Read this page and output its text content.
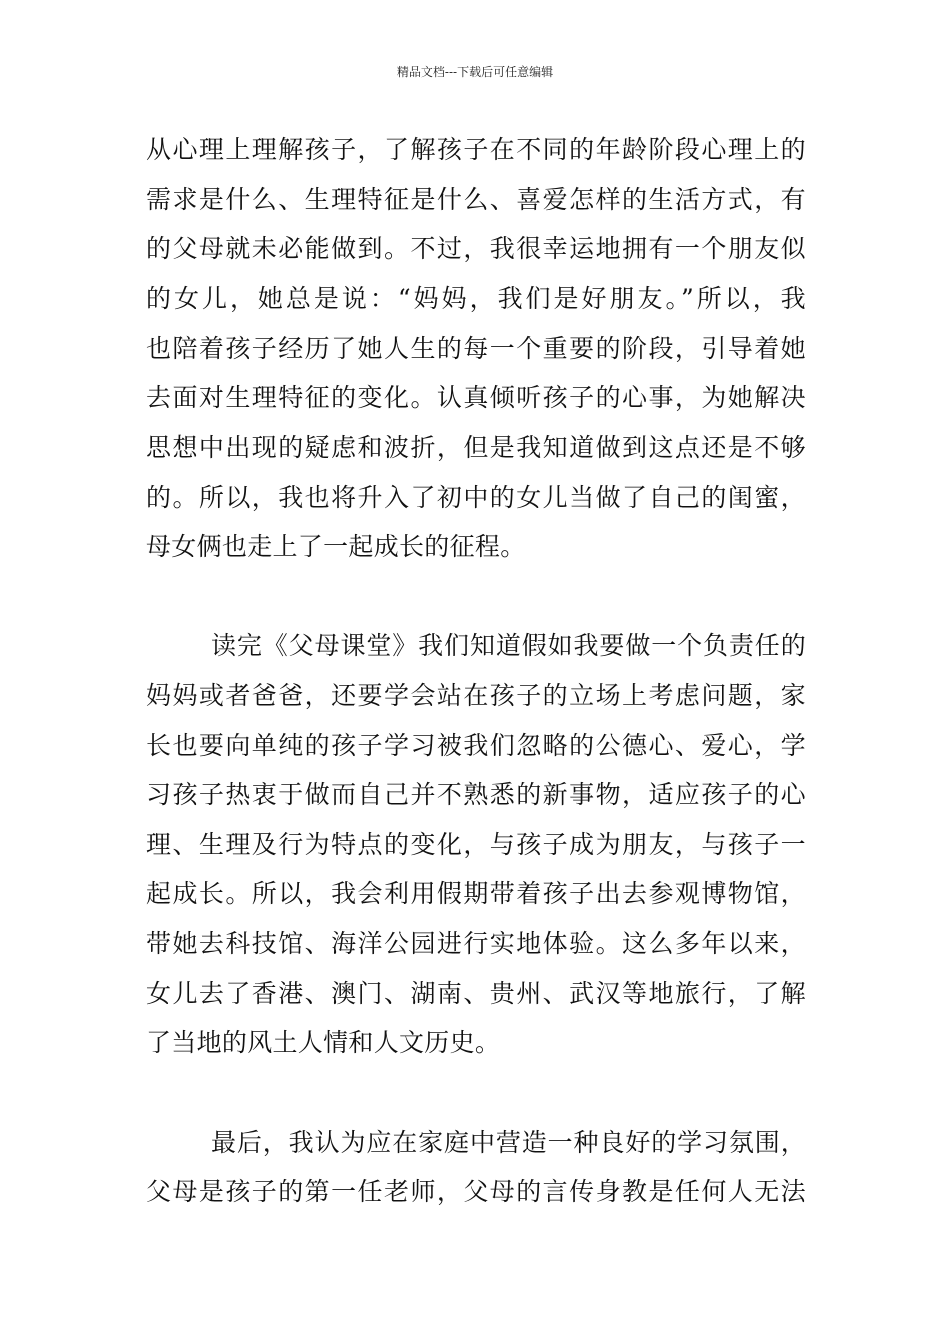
精品文档---下载后可任意编辑
从心理上理解孩子，了解孩子在不同的年龄阶段心理上的
需求是什么、生理特征是什么、喜爱怎样的生活方式，有
的父母就未必能做到。不过，我很幸运地拥有一个朋友似
的女儿，她总是说：“妈妈，我们是好朋友。”所以，我
也陪着孩子经历了她人生的每一个重要的阶段，引导着她
去面对生理特征的变化。认真倾听孩子的心事，为她解决
思想中出现的疑虑和波折，但是我知道做到这点还是不够
的。所以，我也将升入了初中的女儿当做了自己的闺蜜，
母女俩也走上了一起成长的征程。
读完《父母课堂》我们知道假如我要做一个负责任的
妈妈或者爸爸，还要学会站在孩子的立场上考虑问题，家
长也要向单纯的孩子学习被我们忽略的公德心、爱心，学
习孩子热衷于做而自己并不熟悉的新事物，适应孩子的心
理、生理及行为特点的变化，与孩子成为朋友，与孩子一
起成长。所以，我会利用假期带着孩子出去参观博物馆，
带她去科技馆、海洋公园进行实地体验。这么多年以来，
女儿去了香港、澳门、湖南、贵州、武汉等地旅行，了解
了当地的风土人情和人文历史。
最后，我认为应在家庭中营造一种良好的学习氛围，
父母是孩子的第一任老师，父母的言传身教是任何人无法
